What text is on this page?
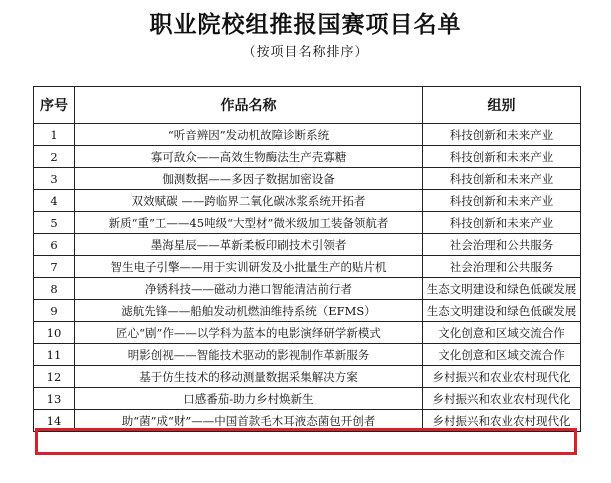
职业院校组推报国赛项目名单
（按项目名称排序）
序号	作品名称	组别
1	“听音辨因”发动机故障诊断系统	科技创新和未来产业
2	寡可敌众——高效生物酶法生产壳寡糖	科技创新和未来产业
3	伽测数据——多因子数据加密设备	科技创新和未来产业
4	双效赋碳 ——跨临界二氧化碳冰浆系统开拓者	科技创新和未来产业
5	新质“重”工——45吨级“大型材”微米级加工装备领航者	科技创新和未来产业
6	墨海星辰——革新柔板印刷技术引领者	社会治理和公共服务
7	智生电子引擎——用于实训研发及小批量生产的贴片机	社会治理和公共服务
8	净锈科技——磁动力港口智能清洁前行者	生态文明建设和绿色低碳发展
9	滤航先锋——船舶发动机燃油维持系统（EFMS）	生态文明建设和绿色低碳发展
10	匠心“剧”作——以学科为蓝本的电影演绎研学新模式	文化创意和区域交流合作
11	明影创视——智能技术驱动的影视制作革新服务	文化创意和区域交流合作
12	基于仿生技术的移动测量数据采集解决方案	乡村振兴和农业农村现代化
13	口感番茄-助力乡村焕新生	乡村振兴和农业农村现代化
14	助“菌”成“财”——中国首款毛木耳液态菌包开创者	乡村振兴和农业农村现代化
